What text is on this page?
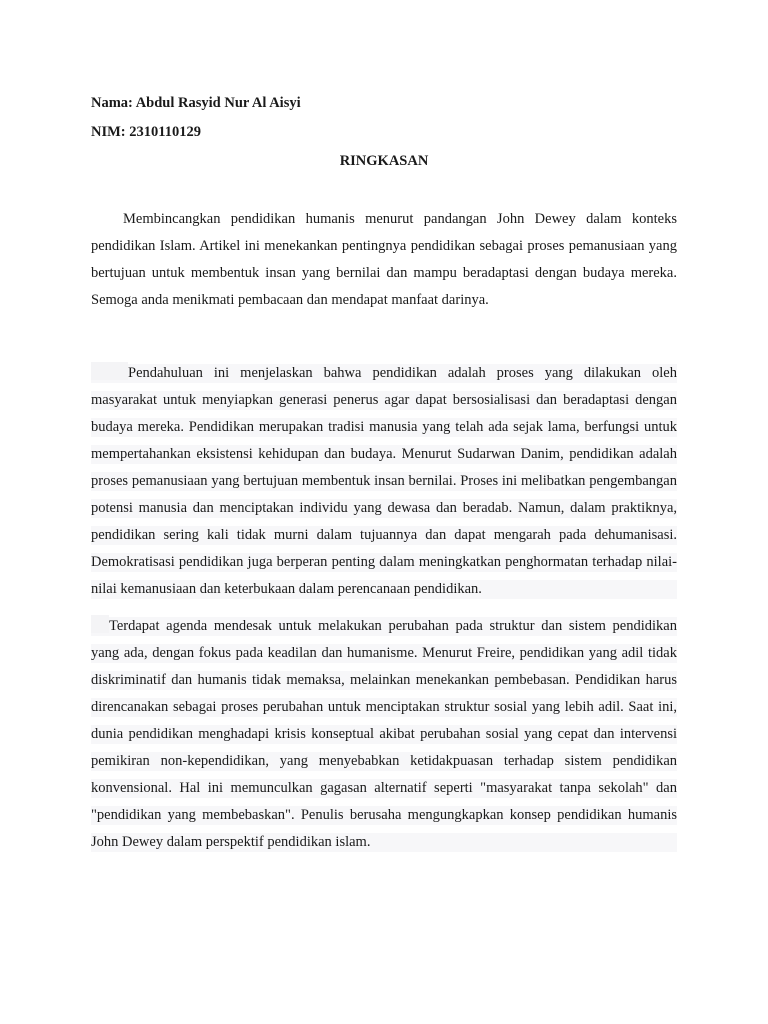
Nama: Abdul Rasyid Nur Al Aisyi

NIM: 2310110129

RINGKASAN

Membincangkan pendidikan humanis menurut pandangan John Dewey dalam konteks pendidikan Islam. Artikel ini menekankan pentingnya pendidikan sebagai proses pemanusiaan yang bertujuan untuk membentuk insan yang bernilai dan mampu beradaptasi dengan budaya mereka. Semoga anda menikmati pembacaan dan mendapat manfaat darinya.

Pendahuluan ini menjelaskan bahwa pendidikan adalah proses yang dilakukan oleh masyarakat untuk menyiapkan generasi penerus agar dapat bersosialisasi dan beradaptasi dengan budaya mereka. Pendidikan merupakan tradisi manusia yang telah ada sejak lama, berfungsi untuk mempertahankan eksistensi kehidupan dan budaya. Menurut Sudarwan Danim, pendidikan adalah proses pemanusiaan yang bertujuan membentuk insan bernilai. Proses ini melibatkan pengembangan potensi manusia dan menciptakan individu yang dewasa dan beradab. Namun, dalam praktiknya, pendidikan sering kali tidak murni dalam tujuannya dan dapat mengarah pada dehumanisasi. Demokratisasi pendidikan juga berperan penting dalam meningkatkan penghormatan terhadap nilai-nilai kemanusiaan dan keterbukaan dalam perencanaan pendidikan.

Terdapat agenda mendesak untuk melakukan perubahan pada struktur dan sistem pendidikan yang ada, dengan fokus pada keadilan dan humanisme. Menurut Freire, pendidikan yang adil tidak diskriminatif dan humanis tidak memaksa, melainkan menekankan pembebasan. Pendidikan harus direncanakan sebagai proses perubahan untuk menciptakan struktur sosial yang lebih adil. Saat ini, dunia pendidikan menghadapi krisis konseptual akibat perubahan sosial yang cepat dan intervensi pemikiran non-kependidikan, yang menyebabkan ketidakpuasan terhadap sistem pendidikan konvensional. Hal ini memunculkan gagasan alternatif seperti "masyarakat tanpa sekolah" dan "pendidikan yang membebaskan". Penulis berusaha mengungkapkan konsep pendidikan humanis John Dewey dalam perspektif pendidikan islam.
